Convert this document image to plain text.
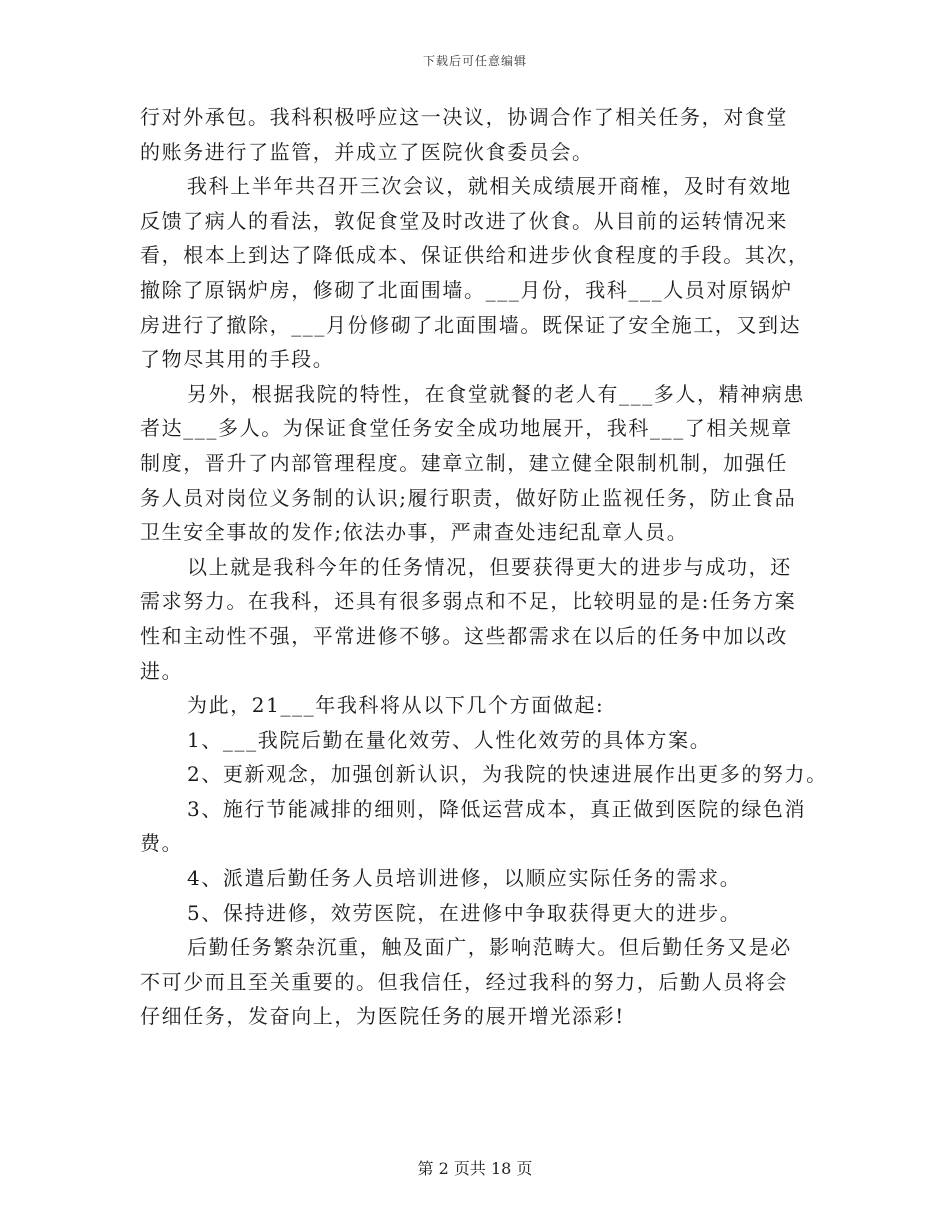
下载后可任意编辑
行对外承包。我科积极呼应这一决议，协调合作了相关任务，对食堂
的账务进行了监管，并成立了医院伙食委员会。
我科上半年共召开三次会议，就相关成绩展开商榷，及时有效地
反馈了病人的看法，敦促食堂及时改进了伙食。从目前的运转情况来
看，根本上到达了降低成本、保证供给和进步伙食程度的手段。其次，
撤除了原锅炉房，修砌了北面围墙。___月份，我科___人员对原锅炉
房进行了撤除，___月份修砌了北面围墙。既保证了安全施工，又到达
了物尽其用的手段。
另外，根据我院的特性，在食堂就餐的老人有___多人，精神病患
者达___多人。为保证食堂任务安全成功地展开，我科___了相关规章
制度，晋升了内部管理程度。建章立制，建立健全限制机制，加强任
务人员对岗位义务制的认识;履行职责，做好防止监视任务，防止食品
卫生安全事故的发作;依法办事，严肃查处违纪乱章人员。
以上就是我科今年的任务情况，但要获得更大的进步与成功，还
需求努力。在我科，还具有很多弱点和不足，比较明显的是:任务方案
性和主动性不强，平常进修不够。这些都需求在以后的任务中加以改
进。
为此，21___年我科将从以下几个方面做起:
1、___我院后勤在量化效劳、人性化效劳的具体方案。
2、更新观念，加强创新认识，为我院的快速进展作出更多的努力。
3、施行节能减排的细则，降低运营成本，真正做到医院的绿色消
费。
4、派遣后勤任务人员培训进修，以顺应实际任务的需求。
5、保持进修，效劳医院，在进修中争取获得更大的进步。
后勤任务繁杂沉重，触及面广，影响范畴大。但后勤任务又是必
不可少而且至关重要的。但我信任，经过我科的努力，后勤人员将会
仔细任务，发奋向上，为医院任务的展开增光添彩!
第 2 页共 18 页
